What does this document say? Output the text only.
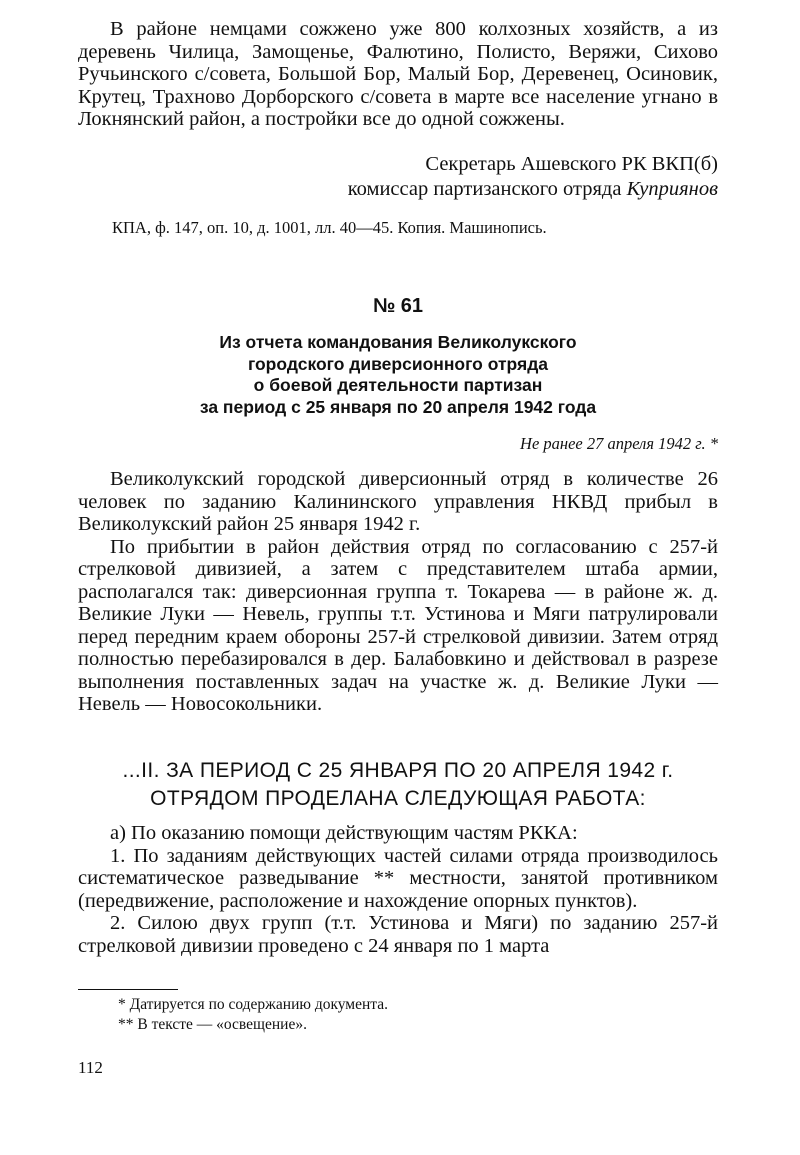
В районе немцами сожжено уже 800 колхозных хозяйств, а из деревень Чилица, Замощенье, Фалютино, Полисто, Веряжи, Сихово Ручьинского с/совета, Большой Бор, Малый Бор, Деревенец, Осиновик, Крутец, Трахново Дорборского с/совета в марте все население угнано в Локнянский район, а постройки все до одной сожжены.

Секретарь Ашевского РК ВКП(б)

комиссар партизанского отряда Куприянов

КПА, ф. 147, оп. 10, д. 1001, лл. 40—45. Копия. Машинопись.

№ 61

Из отчета командования Великолукского

городского диверсионного отряда

о боевой деятельности партизан

за период с 25 января по 20 апреля 1942 года

Не ранее 27 апреля 1942 г. *

Великолукский городской диверсионный отряд в количестве 26 человек по заданию Калининского управления НКВД прибыл в Великолукский район 25 января 1942 г.

По прибытии в район действия отряд по согласованию с 257-й стрелковой дивизией, а затем с представителем штаба армии, располагался так: диверсионная группа т. Токарева — в районе ж. д. Великие Луки — Невель, группы т.т. Устинова и Мяги патрулировали перед передним краем обороны 257-й стрелковой дивизии. Затем отряд полностью перебазировался в дер. Балабовкино и действовал в разрезе выполнения поставленных задач на участке ж. д. Великие Луки — Невель — Новосокольники.

...II. ЗА ПЕРИОД С 25 ЯНВАРЯ ПО 20 АПРЕЛЯ 1942 г.

ОТРЯДОМ ПРОДЕЛАНА СЛЕДУЮЩАЯ РАБОТА:

а) По оказанию помощи действующим частям РККА:

1. По заданиям действующих частей силами отряда производилось систематическое разведывание ** местности, занятой противником (передвижение, расположение и нахождение опорных пунктов).

2. Силою двух групп (т.т. Устинова и Мяги) по заданию 257-й стрелковой дивизии проведено с 24 января по 1 марта

* Датируется по содержанию документа.

** В тексте — «освещение».

112
